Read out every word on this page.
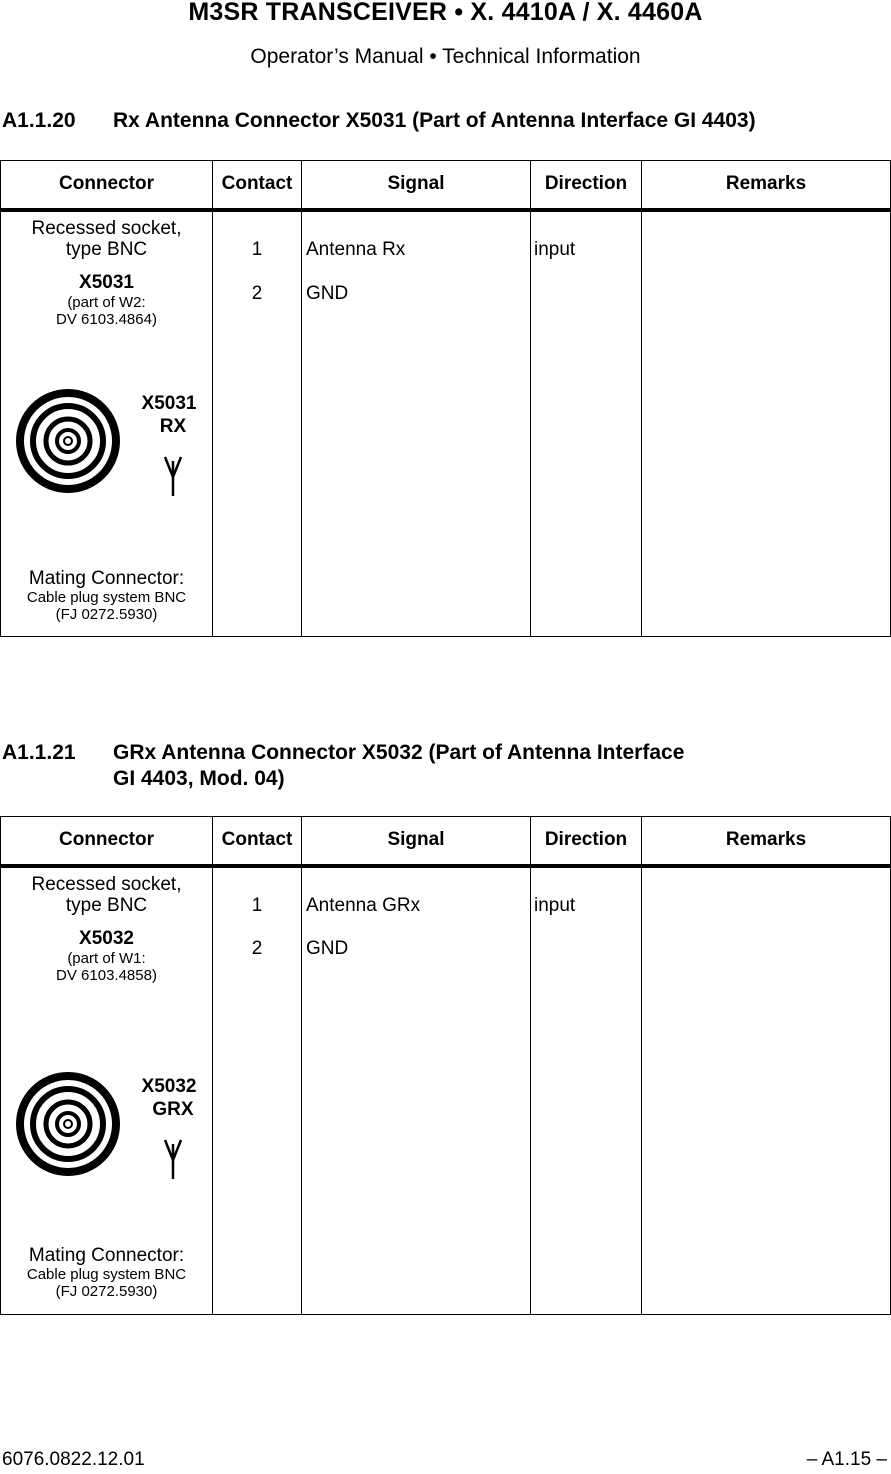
M3SR TRANSCEIVER • X. 4410A / X. 4460A
Operator’s Manual • Technical Information
A1.1.20 Rx Antenna Connector X5031 (Part of Antenna Interface GI 4403)
Connector	Contact	Signal	Direction	Remarks
Recessed socket,
type BNC
X5031
(part of W2:
DV 6103.4864)
X5031
RX
Mating Connector:
Cable plug system BNC
(FJ 0272.5930)
1	Antenna Rx	input
2	GND
A1.1.21 GRx Antenna Connector X5032 (Part of Antenna Interface
GI 4403, Mod. 04)
Connector	Contact	Signal	Direction	Remarks
Recessed socket,
type BNC
X5032
(part of W1:
DV 6103.4858)
X5032
GRX
Mating Connector:
Cable plug system BNC
(FJ 0272.5930)
1	Antenna GRx	input
2	GND
6076.0822.12.01	– A1.15 –
